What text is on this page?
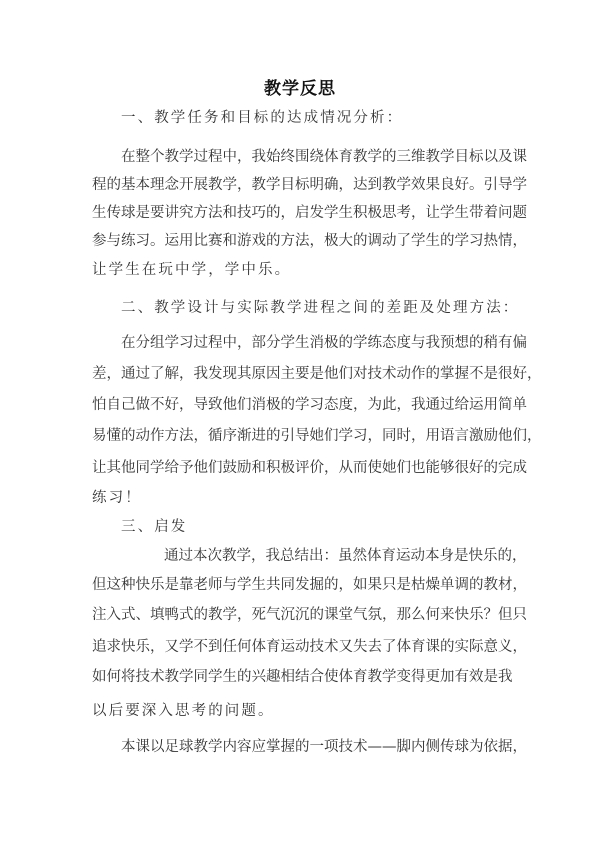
教学反思
一、教学任务和目标的达成情况分析：
在整个教学过程中，我始终围绕体育教学的三维教学目标以及课
程的基本理念开展教学，教学目标明确，达到教学效果良好。引导学
生传球是要讲究方法和技巧的，启发学生积极思考，让学生带着问题
参与练习。运用比赛和游戏的方法，极大的调动了学生的学习热情，
让学生在玩中学，学中乐。
二、教学设计与实际教学进程之间的差距及处理方法：
在分组学习过程中，部分学生消极的学练态度与我预想的稍有偏
差，通过了解，我发现其原因主要是他们对技术动作的掌握不是很好，
怕自己做不好，导致他们消极的学习态度，为此，我通过给运用简单
易懂的动作方法，循序渐进的引导她们学习，同时，用语言激励他们，
让其他同学给予他们鼓励和积极评价，从而使她们也能够很好的完成
练习！
三、启发
通过本次教学，我总结出：虽然体育运动本身是快乐的，
但这种快乐是靠老师与学生共同发掘的，如果只是枯燥单调的教材，
注入式、填鸭式的教学，死气沉沉的课堂气氛，那么何来快乐？但只
追求快乐，又学不到任何体育运动技术又失去了体育课的实际意义，
如何将技术教学同学生的兴趣相结合使体育教学变得更加有效是我
以后要深入思考的问题。
本课以足球教学内容应掌握的一项技术——脚内侧传球为依据，
